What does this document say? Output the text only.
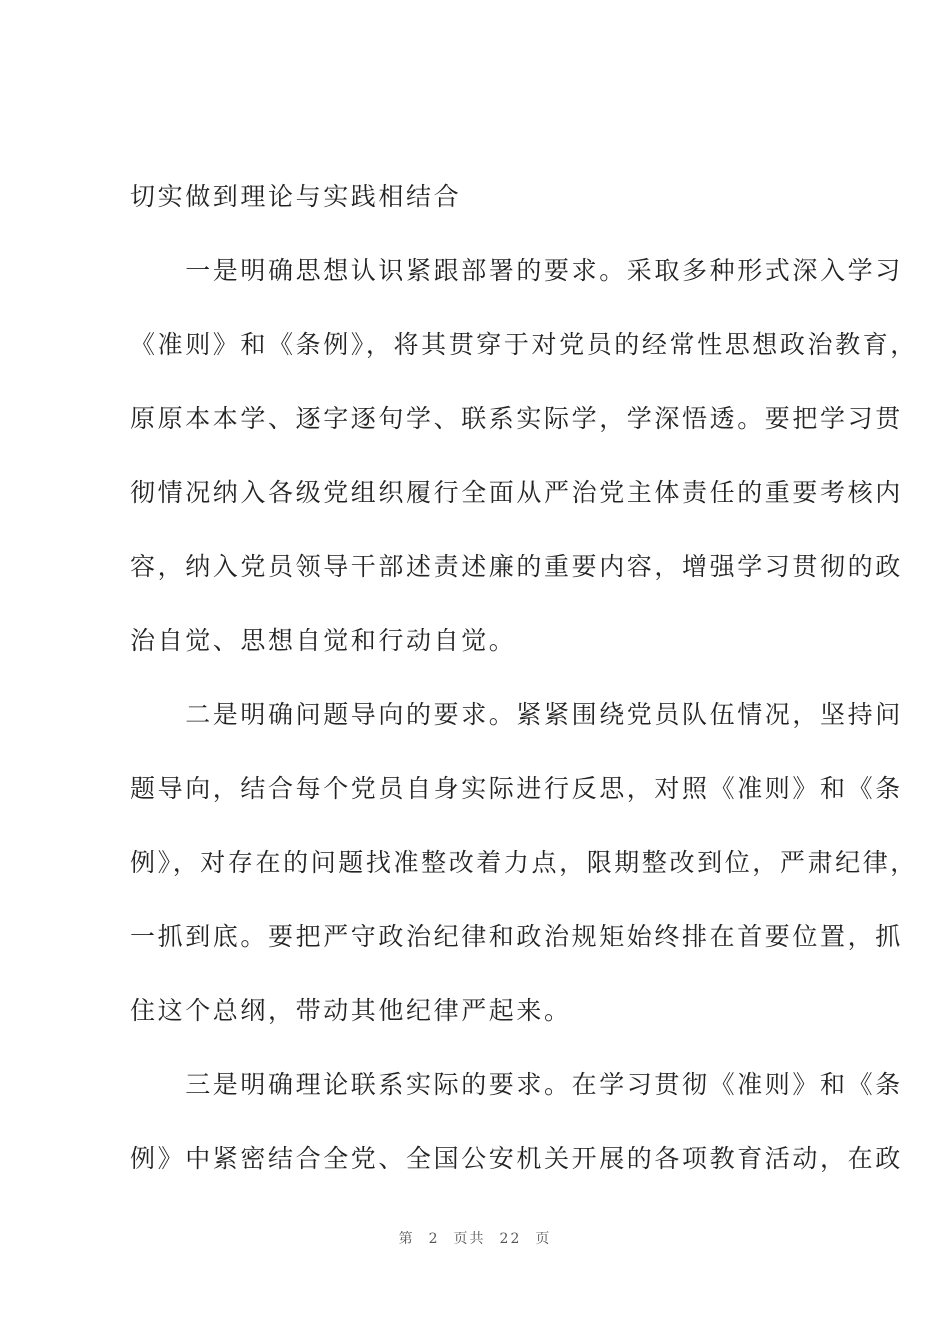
切实做到理论与实践相结合
　　一是明确思想认识紧跟部署的要求。采取多种形式深入学习
《准则》和《条例》，将其贯穿于对党员的经常性思想政治教育，
原原本本学、逐字逐句学、联系实际学，学深悟透。要把学习贯
彻情况纳入各级党组织履行全面从严治党主体责任的重要考核内
容，纳入党员领导干部述责述廉的重要内容，增强学习贯彻的政
治自觉、思想自觉和行动自觉。
　　二是明确问题导向的要求。紧紧围绕党员队伍情况，坚持问
题导向，结合每个党员自身实际进行反思，对照《准则》和《条
例》，对存在的问题找准整改着力点，限期整改到位，严肃纪律，
一抓到底。要把严守政治纪律和政治规矩始终排在首要位置，抓
住这个总纲，带动其他纪律严起来。
　　三是明确理论联系实际的要求。在学习贯彻《准则》和《条
例》中紧密结合全党、全国公安机关开展的各项教育活动，在政
第 2 页共 22 页
